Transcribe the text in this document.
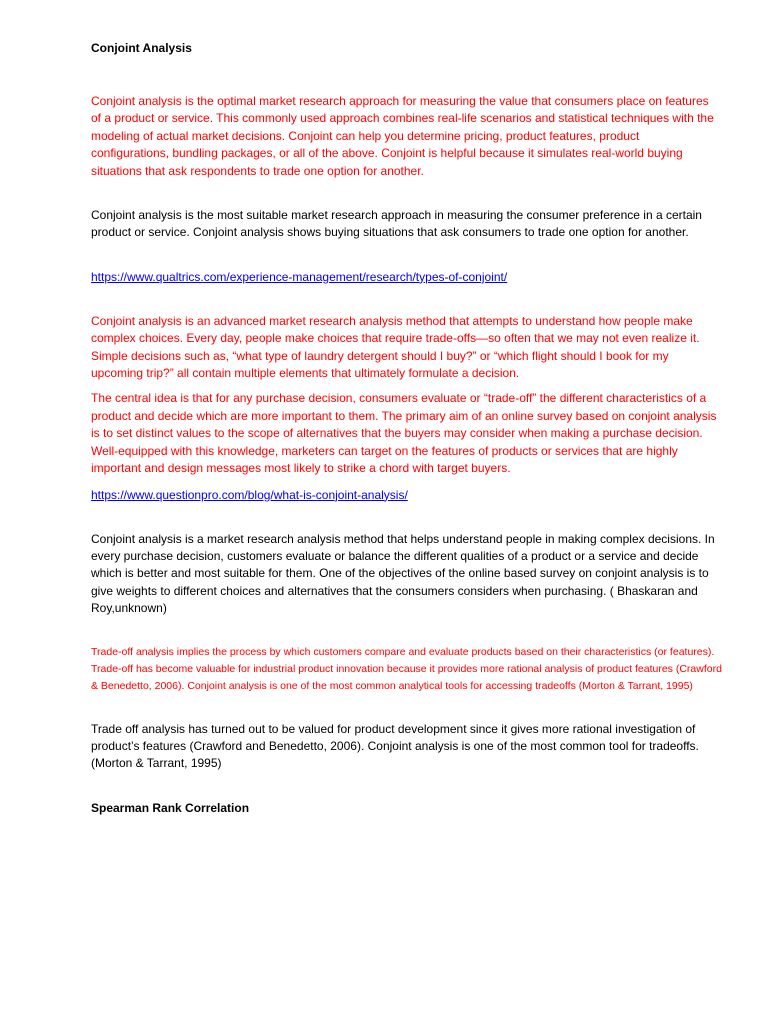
Conjoint Analysis

Conjoint analysis is the optimal market research approach for measuring the value that consumers place on features of a product or service. This commonly used approach combines real-life scenarios and statistical techniques with the modeling of actual market decisions. Conjoint can help you determine pricing, product features, product configurations, bundling packages, or all of the above. Conjoint is helpful because it simulates real-world buying situations that ask respondents to trade one option for another.

Conjoint analysis is the most suitable market research approach in measuring the consumer preference in a certain product or service. Conjoint analysis shows buying situations that ask consumers to trade one option for another.

https://www.qualtrics.com/experience-management/research/types-of-conjoint/

Conjoint analysis is an advanced market research analysis method that attempts to understand how people make complex choices. Every day, people make choices that require trade-offs—so often that we may not even realize it. Simple decisions such as, “what type of laundry detergent should I buy?” or “which flight should I book for my upcoming trip?” all contain multiple elements that ultimately formulate a decision.

The central idea is that for any purchase decision, consumers evaluate or “trade-off” the different characteristics of a product and decide which are more important to them. The primary aim of an online survey based on conjoint analysis is to set distinct values to the scope of alternatives that the buyers may consider when making a purchase decision. Well-equipped with this knowledge, marketers can target on the features of products or services that are highly important and design messages most likely to strike a chord with target buyers.

https://www.questionpro.com/blog/what-is-conjoint-analysis/

Conjoint analysis is a market research analysis method that helps understand people in making complex decisions. In every purchase decision, customers evaluate or balance the different qualities of a product or a service and decide which is better and most suitable for them. One of the objectives of the online based survey on conjoint analysis is to give weights to different choices and alternatives that the consumers considers when purchasing. ( Bhaskaran and Roy,unknown)

Trade-off analysis implies the process by which customers compare and evaluate products based on their characteristics (or features). Trade-off has become valuable for industrial product innovation because it provides more rational analysis of product features (Crawford & Benedetto, 2006). Conjoint analysis is one of the most common analytical tools for accessing tradeoffs (Morton & Tarrant, 1995)

Trade off analysis has turned out to be valued for product development since it gives more rational investigation of product’s features (Crawford and Benedetto, 2006). Conjoint analysis is one of the most common tool for tradeoffs. (Morton & Tarrant, 1995)

Spearman Rank Correlation
